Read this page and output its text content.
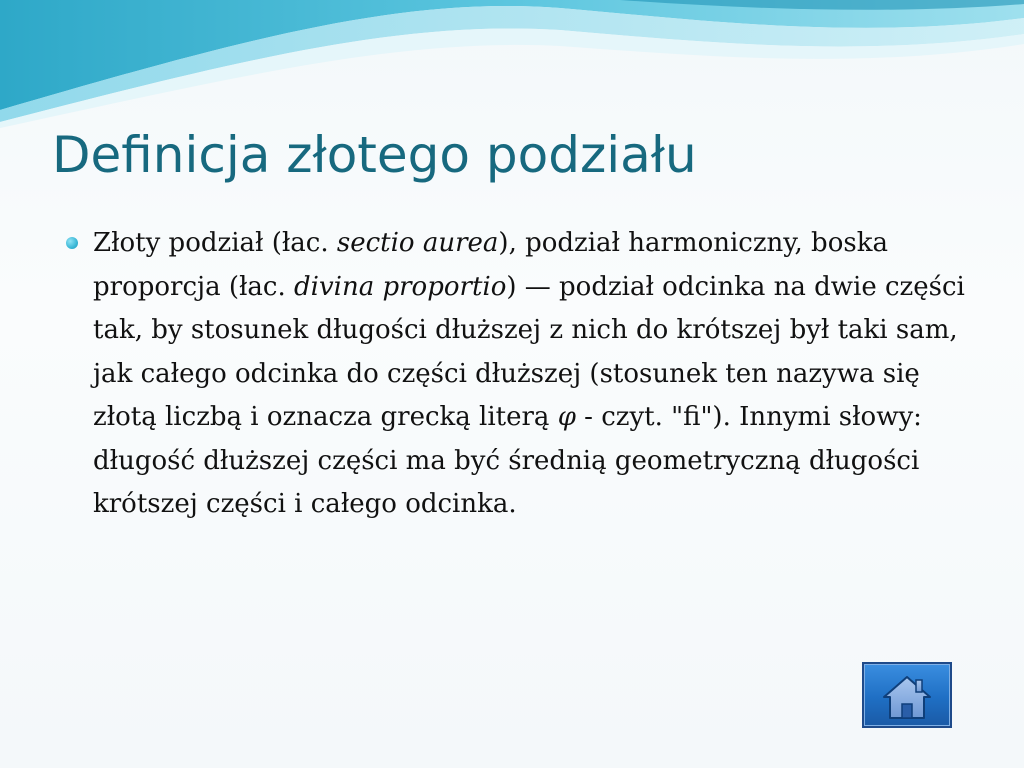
Definicja złotego podziału
Złoty podział (łac. sectio aurea), podział harmoniczny, boska proporcja (łac. divina proportio) — podział odcinka na dwie części tak, by stosunek długości dłuższej z nich do krótszej był taki sam, jak całego odcinka do części dłuższej (stosunek ten nazywa się złotą liczbą i oznacza grecką literą φ - czyt. "fi"). Innymi słowy: długość dłuższej części ma być średnią geometryczną długości krótszej części i całego odcinka.
